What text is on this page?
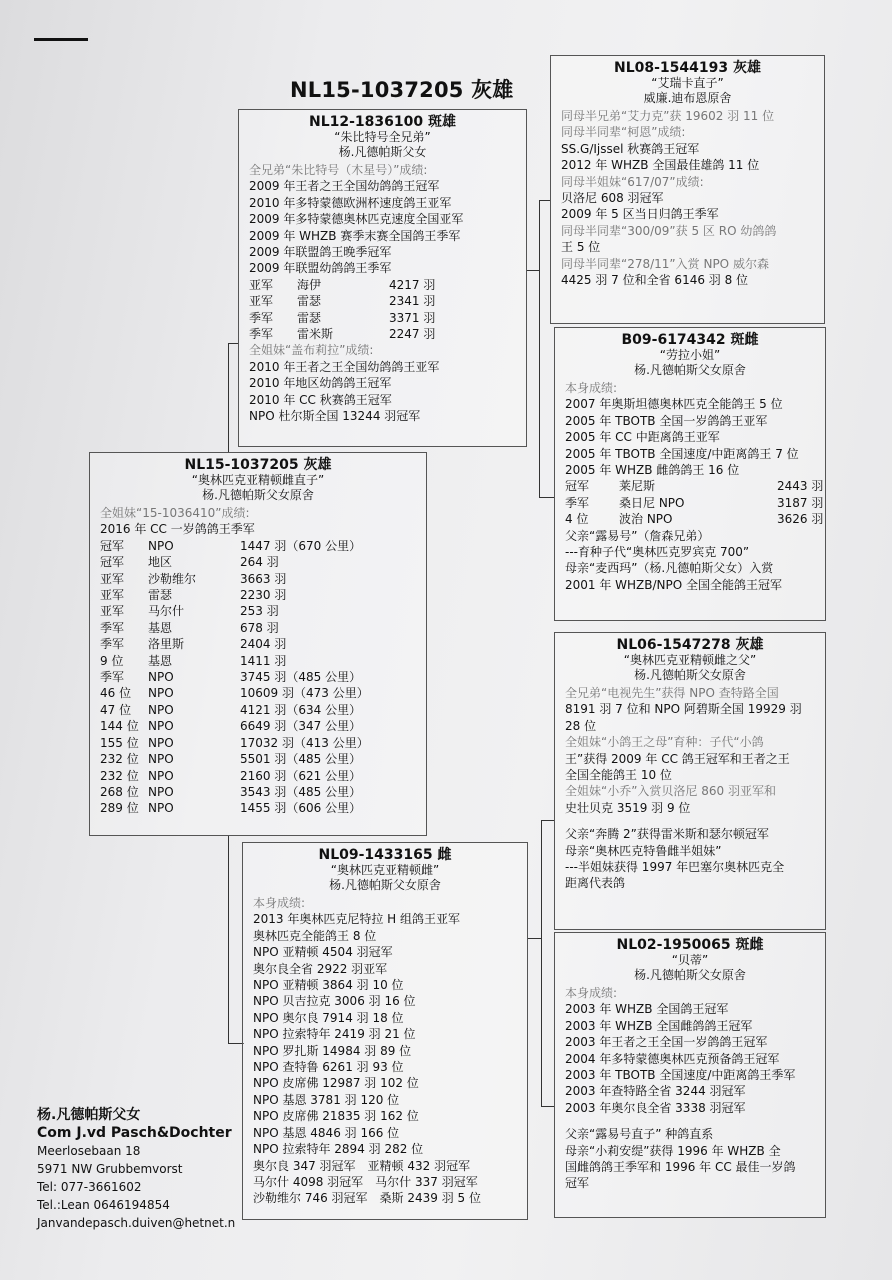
NL15-1037205 灰雄
NL12-1836100 斑雄
“朱比特号全兄弟”
杨.凡德帕斯父女
全兄弟“朱比特号（木星号）”成绩:
2009 年王者之王全国幼鸽鸽王冠军
2010 年多特蒙德欧洲杯速度鸽王亚军
2009 年多特蒙德奥林匹克速度全国亚军
2009 年 WHZB 赛季末赛全国鸽王季军
2009 年联盟鸽王晚季冠军
2009 年联盟幼鸽鸽王季军
亚军 海伊	4217 羽
亚军 雷瑟	2341 羽
季军 雷瑟	3371 羽
季军 雷米斯	2247 羽
全姐妹“盖布莉拉”成绩:
2010 年王者之王全国幼鸽鸽王亚军
2010 年地区幼鸽鸽王冠军
2010 年 CC 秋赛鸽王冠军
NPO 杜尔斯全国 13244 羽冠军
NL15-1037205 灰雄
“奥林匹克亚精顿雌直子”
杨.凡德帕斯父女原舍
全姐妹“15-1036410”成绩:
2016 年 CC 一岁鸽鸽王季军
冠军 NPO	1447 羽（670 公里）
冠军 地区	264 羽
亚军 沙勒维尔	3663 羽
亚军 雷瑟	2230 羽
亚军 马尔什	253 羽
季军 基恩	678 羽
季军 洛里斯	2404 羽
9 位 基恩	1411 羽
季军 NPO	3745 羽（485 公里）
46 位 NPO	10609 羽（473 公里）
47 位 NPO	4121 羽（634 公里）
144 位 NPO	6649 羽（347 公里）
155 位 NPO	17032 羽（413 公里）
232 位 NPO	5501 羽（485 公里）
232 位 NPO	2160 羽（621 公里）
268 位 NPO	3543 羽（485 公里）
289 位 NPO	1455 羽（606 公里）
NL09-1433165 雌
“奥林匹克亚精顿雌”
杨.凡德帕斯父女原舍
本身成绩:
2013 年奥林匹克尼特拉 H 组鸽王亚军
奥林匹克全能鸽王 8 位
NPO 亚精顿 4504 羽冠军
奥尔良全省 2922 羽亚军
NPO 亚精顿 3864 羽 10 位
NPO 贝吉拉克 3006 羽 16 位
NPO 奥尔良 7914 羽 18 位
NPO 拉索特年 2419 羽 21 位
NPO 罗扎斯 14984 羽 89 位
NPO 查特鲁 6261 羽 93 位
NPO 皮席佛 12987 羽 102 位
NPO 基恩 3781 羽 120 位
NPO 皮席佛 21835 羽 162 位
NPO 基恩 4846 羽 166 位
NPO 拉索特年 2894 羽 282 位
奥尔良 347 羽冠军　亚精顿 432 羽冠军
马尔什 4098 羽冠军　马尔什 337 羽冠军
沙勒维尔 746 羽冠军　桑斯 2439 羽 5 位
NL08-1544193 灰雄
“艾瑞卡直子”
威廉.迪布恩原舍
同母半兄弟“艾力克”获 19602 羽 11 位
同母半同辈“柯恩”成绩:
SS.G/Ijssel 秋赛鸽王冠军
2012 年 WHZB 全国最佳雄鸽 11 位
同母半姐妹“617/07”成绩:
贝洛尼 608 羽冠军
2009 年 5 区当日归鸽王季军
同母半同辈“300/09”获 5 区 RO 幼鸽鸽
王 5 位
同母半同辈“278/11”入赏 NPO 威尔森
4425 羽 7 位和全省 6146 羽 8 位
B09-6174342 斑雌
“劳拉小姐”
杨.凡德帕斯父女原舍
本身成绩:
2007 年奥斯坦德奥林匹克全能鸽王 5 位
2005 年 TBOTB 全国一岁鸽鸽王亚军
2005 年 CC 中距离鸽王亚军
2005 年 TBOTB 全国速度/中距离鸽王 7 位
2005 年 WHZB 雌鸽鸽王 16 位
冠军 莱尼斯	2443 羽
季军 桑日尼 NPO	3187 羽
4 位	波治 NPO	3626 羽
父亲“露易号”（詹森兄弟）
---育种子代“奥林匹克罗宾克 700”
母亲“麦西玛”（杨.凡德帕斯父女）入赏
2001 年 WHZB/NPO 全国全能鸽王冠军
NL06-1547278 灰雄
“奥林匹克亚精顿雌之父”
杨.凡德帕斯父女原舍
全兄弟“电视先生”获得 NPO 查特路全国
8191 羽 7 位和 NPO 阿碧斯全国 19929 羽
28 位
全姐妹“小鸽王之母”育种：子代“小鸽
王”获得 2009 年 CC 鸽王冠军和王者之王
全国全能鸽王 10 位
全姐妹“小乔”入赏贝洛尼 860 羽亚军和
史壮贝克 3519 羽 9 位
父亲“奔腾 2”获得雷米斯和瑟尔顿冠军
母亲“奥林匹克特鲁雌半姐妹”
---半姐妹获得 1997 年巴塞尔奥林匹克全
距离代表鸽
NL02-1950065 斑雌
“贝蒂”
杨.凡德帕斯父女原舍
本身成绩:
2003 年 WHZB 全国鸽王冠军
2003 年 WHZB 全国雌鸽鸽王冠军
2003 年王者之王全国一岁鸽鸽王冠军
2004 年多特蒙德奥林匹克预备鸽王冠军
2003 年 TBOTB 全国速度/中距离鸽王季军
2003 年查特路全省 3244 羽冠军
2003 年奥尔良全省 3338 羽冠军
父亲“露易号直子” 种鸽直系
母亲“小莉安缇”获得 1996 年 WHZB 全
国雌鸽鸽王季军和 1996 年 CC 最佳一岁鸽
冠军
杨.凡德帕斯父女
Com J.vd Pasch&Dochter
Meerlosebaan 18
5971 NW Grubbemvorst
Tel: 077-3661602
Tel.:Lean 0646194854
Janvandepasch.duiven@hetnet.n
